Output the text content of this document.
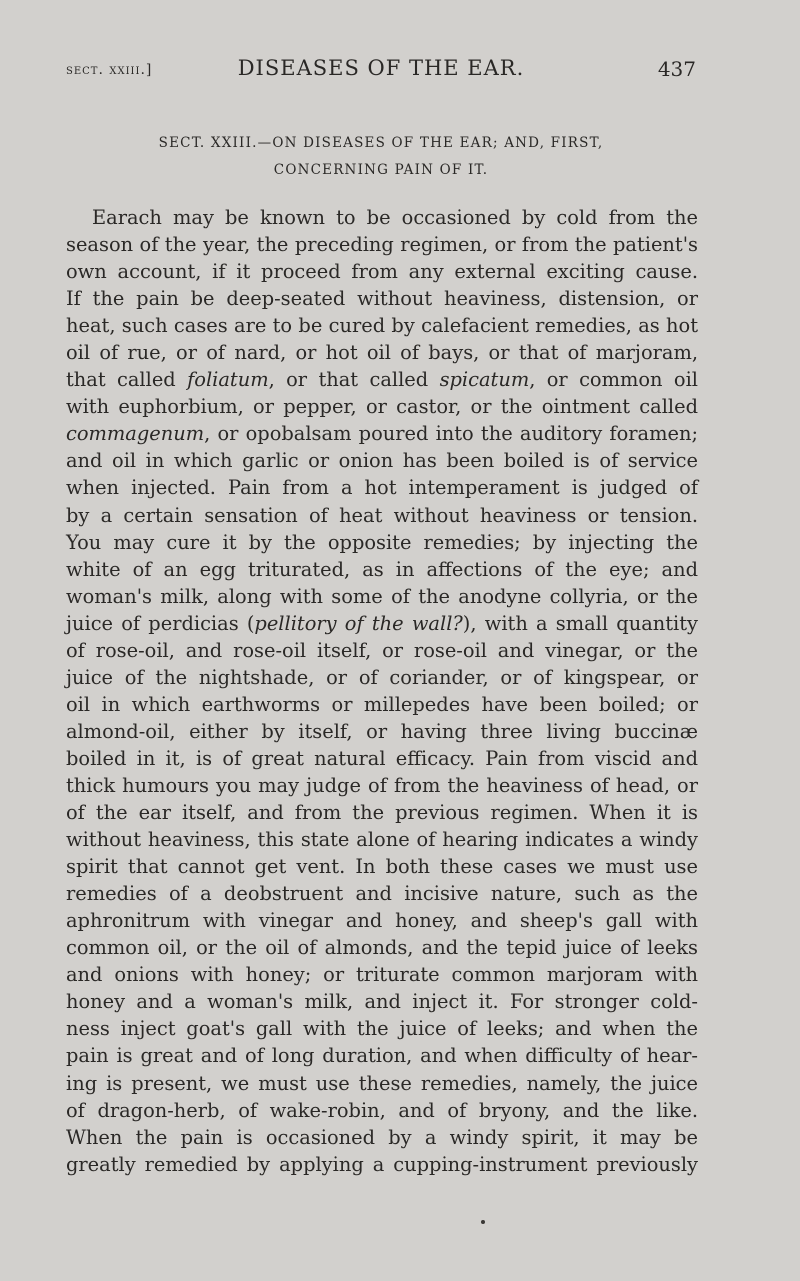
sect. xxiii.]	DISEASES OF THE EAR.	437
SECT. XXIII.—ON DISEASES OF THE EAR; AND, FIRST,
CONCERNING PAIN OF IT.
Earach may be known to be occasioned by cold from the
season of the year, the preceding regimen, or from the patient's
own account, if it proceed from any external exciting cause.
If the pain be deep-seated without heaviness, distension, or
heat, such cases are to be cured by calefacient remedies, as hot
oil of rue, or of nard, or hot oil of bays, or that of marjoram,
that called foliatum, or that called spicatum, or common oil
with euphorbium, or pepper, or castor, or the ointment called
commagenum, or opobalsam poured into the auditory foramen;
and oil in which garlic or onion has been boiled is of service
when injected. Pain from a hot intemperament is judged of
by a certain sensation of heat without heaviness or tension.
You may cure it by the opposite remedies; by injecting the
white of an egg triturated, as in affections of the eye; and
woman's milk, along with some of the anodyne collyria, or the
juice of perdicias (pellitory of the wall?), with a small quantity
of rose-oil, and rose-oil itself, or rose-oil and vinegar, or the
juice of the nightshade, or of coriander, or of kingspear, or
oil in which earthworms or millepedes have been boiled; or
almond-oil, either by itself, or having three living buccinæ
boiled in it, is of great natural efficacy. Pain from viscid and
thick humours you may judge of from the heaviness of head, or
of the ear itself, and from the previous regimen. When it is
without heaviness, this state alone of hearing indicates a windy
spirit that cannot get vent. In both these cases we must use
remedies of a deobstruent and incisive nature, such as the
aphronitrum with vinegar and honey, and sheep's gall with
common oil, or the oil of almonds, and the tepid juice of leeks
and onions with honey; or triturate common marjoram with
honey and a woman's milk, and inject it. For stronger cold-
ness inject goat's gall with the juice of leeks; and when the
pain is great and of long duration, and when difficulty of hear-
ing is present, we must use these remedies, namely, the juice
of dragon-herb, of wake-robin, and of bryony, and the like.
When the pain is occasioned by a windy spirit, it may be
greatly remedied by applying a cupping-instrument previously
